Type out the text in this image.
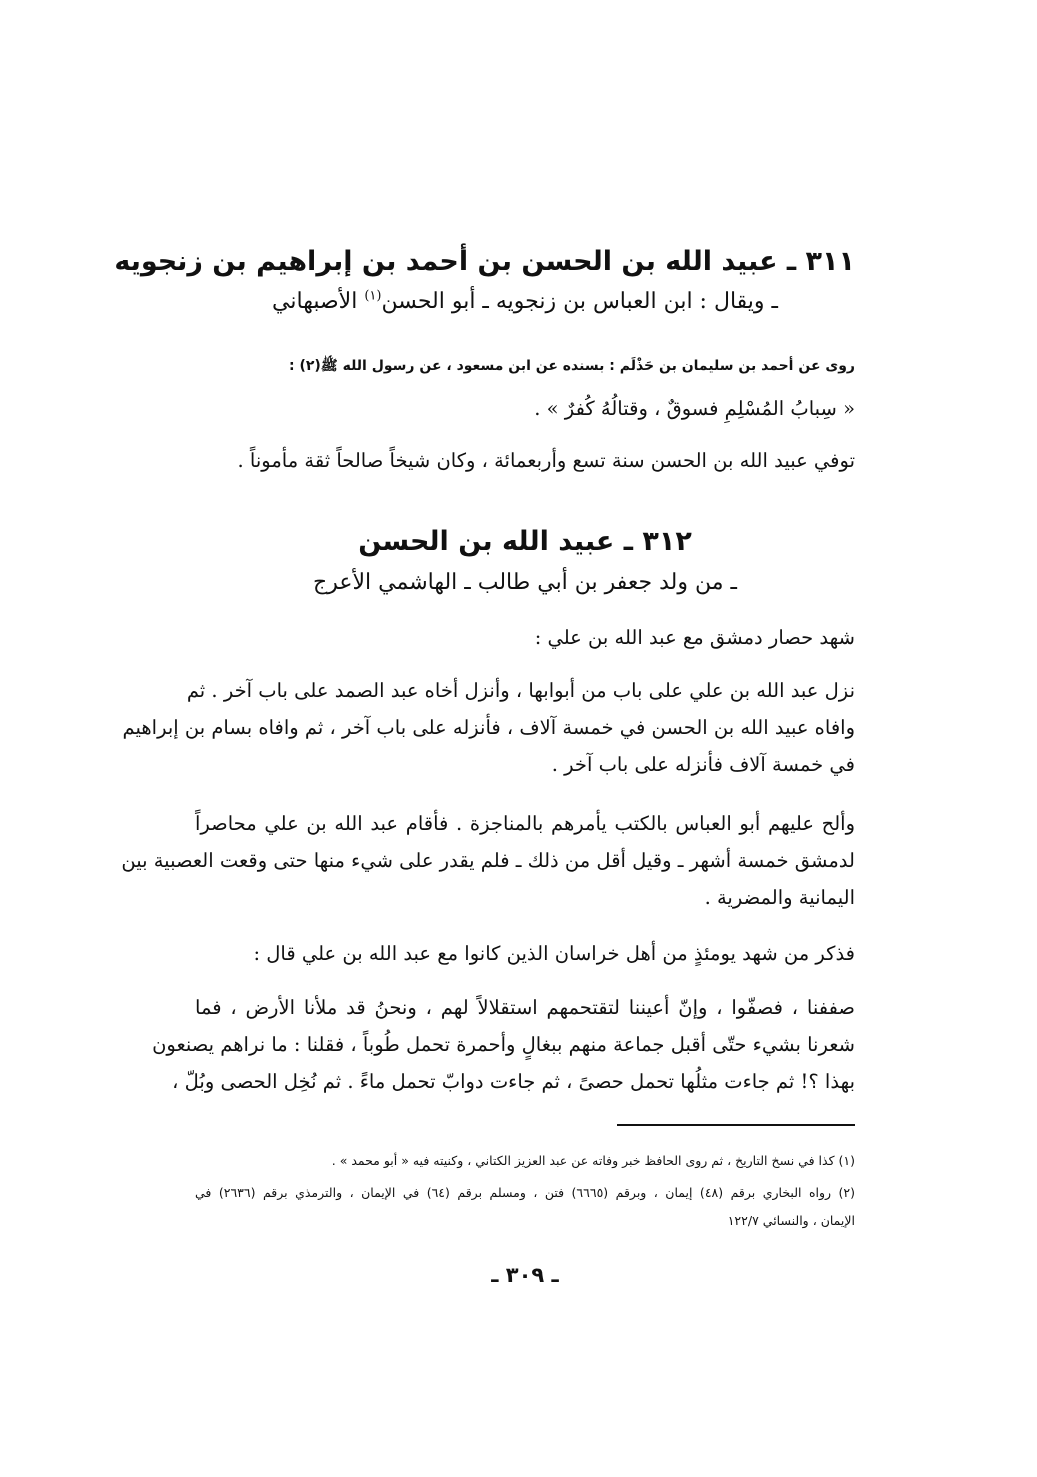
٣١١ ـ عبيد الله بن الحسن بن أحمد بن إبراهيم بن زنجويه
ـ ويقال : ابن العباس بن زنجويه ـ أبو الحسن$^{(١)}$ الأصبهاني
روى عن أحمد بن سليمان بن حَذْلَم : بسنده عن ابن مسعود ، عن رسول الله ﷺ(٢) :
« سِبابُ المُسْلِمِ فسوقٌ ، وقتالُهُ كُفرٌ » .
توفي عبيد الله بن الحسن سنة تسع وأربعمائة ، وكان شيخاً صالحاً ثقة مأموناً .
٣١٢ ـ عبيد الله بن الحسن
ـ من ولد جعفر بن أبي طالب ـ الهاشمي الأعرج
شهد حصار دمشق مع عبد الله بن علي :
نزل عبد الله بن علي على باب من أبوابها ، وأنزل أخاه عبد الصمد على باب آخر . ثم
وافاه عبيد الله بن الحسن في خمسة آلاف ، فأنزله على باب آخر ، ثم وافاه بسام بن إبراهيم
في خمسة آلاف فأنزله على باب آخر .
وألح عليهم أبو العباس بالكتب يأمرهم بالمناجزة . فأقام عبد الله بن علي محاصراً
لدمشق خمسة أشهر ـ وقيل أقل من ذلك ـ فلم يقدر على شيء منها حتى وقعت العصبية بين
اليمانية والمضرية .
فذكر من شهد يومئذٍ من أهل خراسان الذين كانوا مع عبد الله بن علي قال :
صففنا ، فصفّوا ، وإنّ أعيننا لتقتحمهم استقلالاً لهم ، ونحنُ قد ملأنا الأرض ، فما
شعرنا بشيء حتّى أقبل جماعة منهم ببغالٍ وأحمرة تحمل طُوباً ، فقلنا : ما نراهم يصنعون
بهذا ؟! ثم جاءت مثلُها تحمل حصىً ، ثم جاءت دوابّ تحمل ماءً . ثم نُخِل الحصى وبُلّ ،
(١) كذا في نسخ التاريخ ، ثم روى الحافظ خبر وفاته عن عبد العزيز الكتاني ، وكنيته فيه « أبو محمد » .
(٢) رواه البخاري برقم (٤٨) إيمان ، وبرقم (٦٦٦٥) فتن ، ومسلم برقم (٦٤) في الإيمان ، والترمذي برقم (٢٦٣٦) في
الإيمان ، والنسائي ١٢٢/٧
ـ ٣٠٩ ـ
